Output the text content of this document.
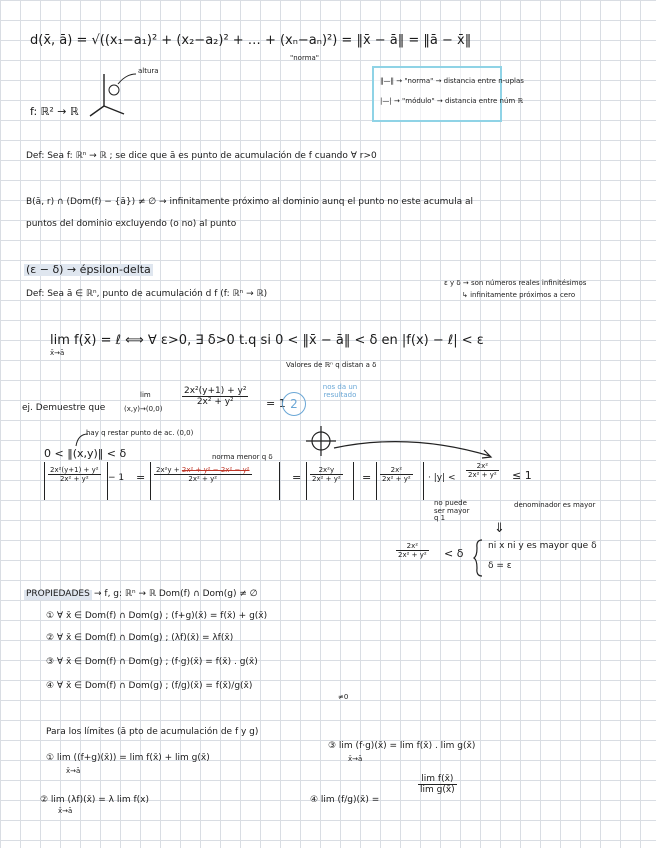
d(x̄, ā) = √((x₁−a₁)² + (x₂−a₂)² + … + (xₙ−aₙ)²) = ‖x̄ − ā‖ = ‖ā − x̄‖
"norma"
altura
f: ℝ² → ℝ
‖—‖ → "norma" → distancia entre n-uplas
|—| → "módulo" → distancia entre núm ℝ
Def: Sea f: ℝⁿ → ℝ ; se dice que ā es punto de acumulación de f cuando ∀ r>0
B(ā, r) ∩ (Dom(f) − {ā}) ≠ ∅ → infinitamente próximo al dominio aunq el punto no este acumula al
puntos del dominio excluyendo (o no) al punto
(ε − δ) → épsilon-delta
Def: Sea ā ∈ ℝⁿ, punto de acumulación d f (f: ℝⁿ → ℝ)
ε y δ → son números reales infinitésimos
↳ infinitamente próximos a cero
lim f(x̄) = ℓ ⟺ ∀ ε>0, ∃ δ>0 t.q si 0 < ‖x̄ − ā‖ < δ en |f(x) − ℓ| < ε
x̄→ā
Valores de ℝⁿ q distan a δ
ej. Demuestre que
lim
(x,y)→(0,0)
$\frac{\text{2x²(y+1) + y²}}{\text{2x² + y²}} = 1$ 2
nos da un resultado
hay q restar punto de ac. (0,0)
0 < ‖(x,y)‖ < δ	norma menor q δ
$\frac{\text{2x²(y+1) + y²}}{\text{2x² + y²}} - 1 = \frac{\text{2x²y + 2x² + y² − 2x² − y²}}{\text{2x² + y²}}$	= $\frac{\text{2x²y}}{\text{2x² + y²}} = \frac{\text{2x²}}{\text{2x² + y²}} \cdot |y| < \frac{\text{2x²}}{\text{2x² + y²}} \le 1$
no puede ser mayor q 1
denominador es mayor
⇓
$\frac{\text{2x²}}{\text{2x² + y²}} < \delta$
ni x ni y es mayor que δ
δ = ε
PROPIEDADES → f, g: ℝⁿ → ℝ Dom(f) ∩ Dom(g) ≠ ∅
① ∀ x̄ ∈ Dom(f) ∩ Dom(g) ; (f+g)(x̄) = f(x̄) + g(x̄)
② ∀ x̄ ∈ Dom(f) ∩ Dom(g) ; (λf)(x̄) = λf(x̄)
③ ∀ x̄ ∈ Dom(f) ∩ Dom(g) ; (f·g)(x̄) = f(x̄) . g(x̄)
④ ∀ x̄ ∈ Dom(f) ∩ Dom(g) ; (f/g)(x̄) = f(x̄)/g(x̄)
≠0
Para los límites (ā pto de acumulación de f y g)
① lim ((f+g)(x̄)) = lim f(x̄) + lim g(x̄)
x̄→ā
② lim (λf)(x̄) = λ lim f(x)
x̄→ā
③ lim (f·g)(x̄) = lim f(x̄) . lim g(x̄)
x̄→ā
④ lim (f/g)(x̄) =
$\frac{\text{lim f(x̄)}}{\text{lim g(x̄)}}$
